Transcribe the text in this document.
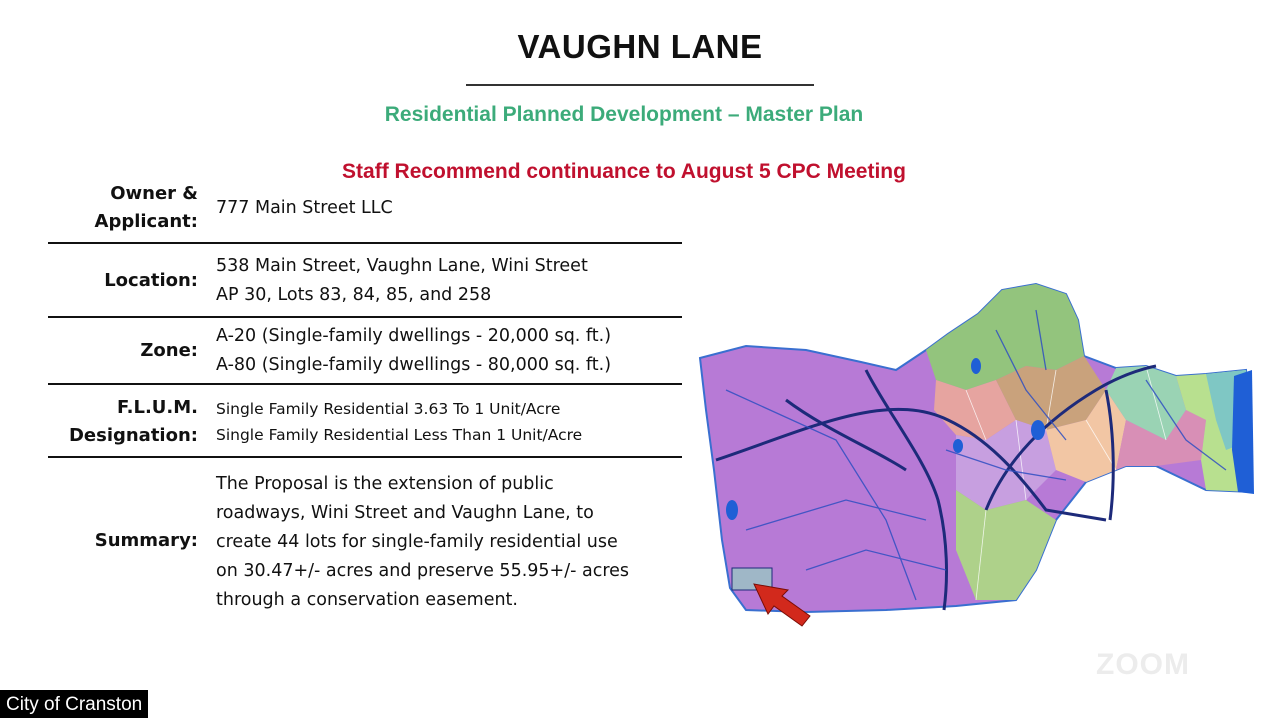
VAUGHN LANE
Residential Planned Development – Master Plan
Staff Recommend continuance to August 5 CPC Meeting
Owner &
Applicant:
777 Main Street LLC
Location:
538 Main Street, Vaughn Lane, Wini Street
AP 30, Lots 83, 84, 85, and 258
Zone:
A-20 (Single-family dwellings - 20,000 sq. ft.)
A-80 (Single-family dwellings - 80,000 sq. ft.)
F.L.U.M.
Designation:
Single Family Residential 3.63 To 1 Unit/Acre
Single Family Residential Less Than 1 Unit/Acre
Summary:
The Proposal is the extension of public
roadways, Wini Street and Vaughn Lane, to
create 44 lots for single-family residential use
on 30.47+/- acres and preserve 55.95+/- acres
through a conservation easement.
City of Cranston
ZOOM
